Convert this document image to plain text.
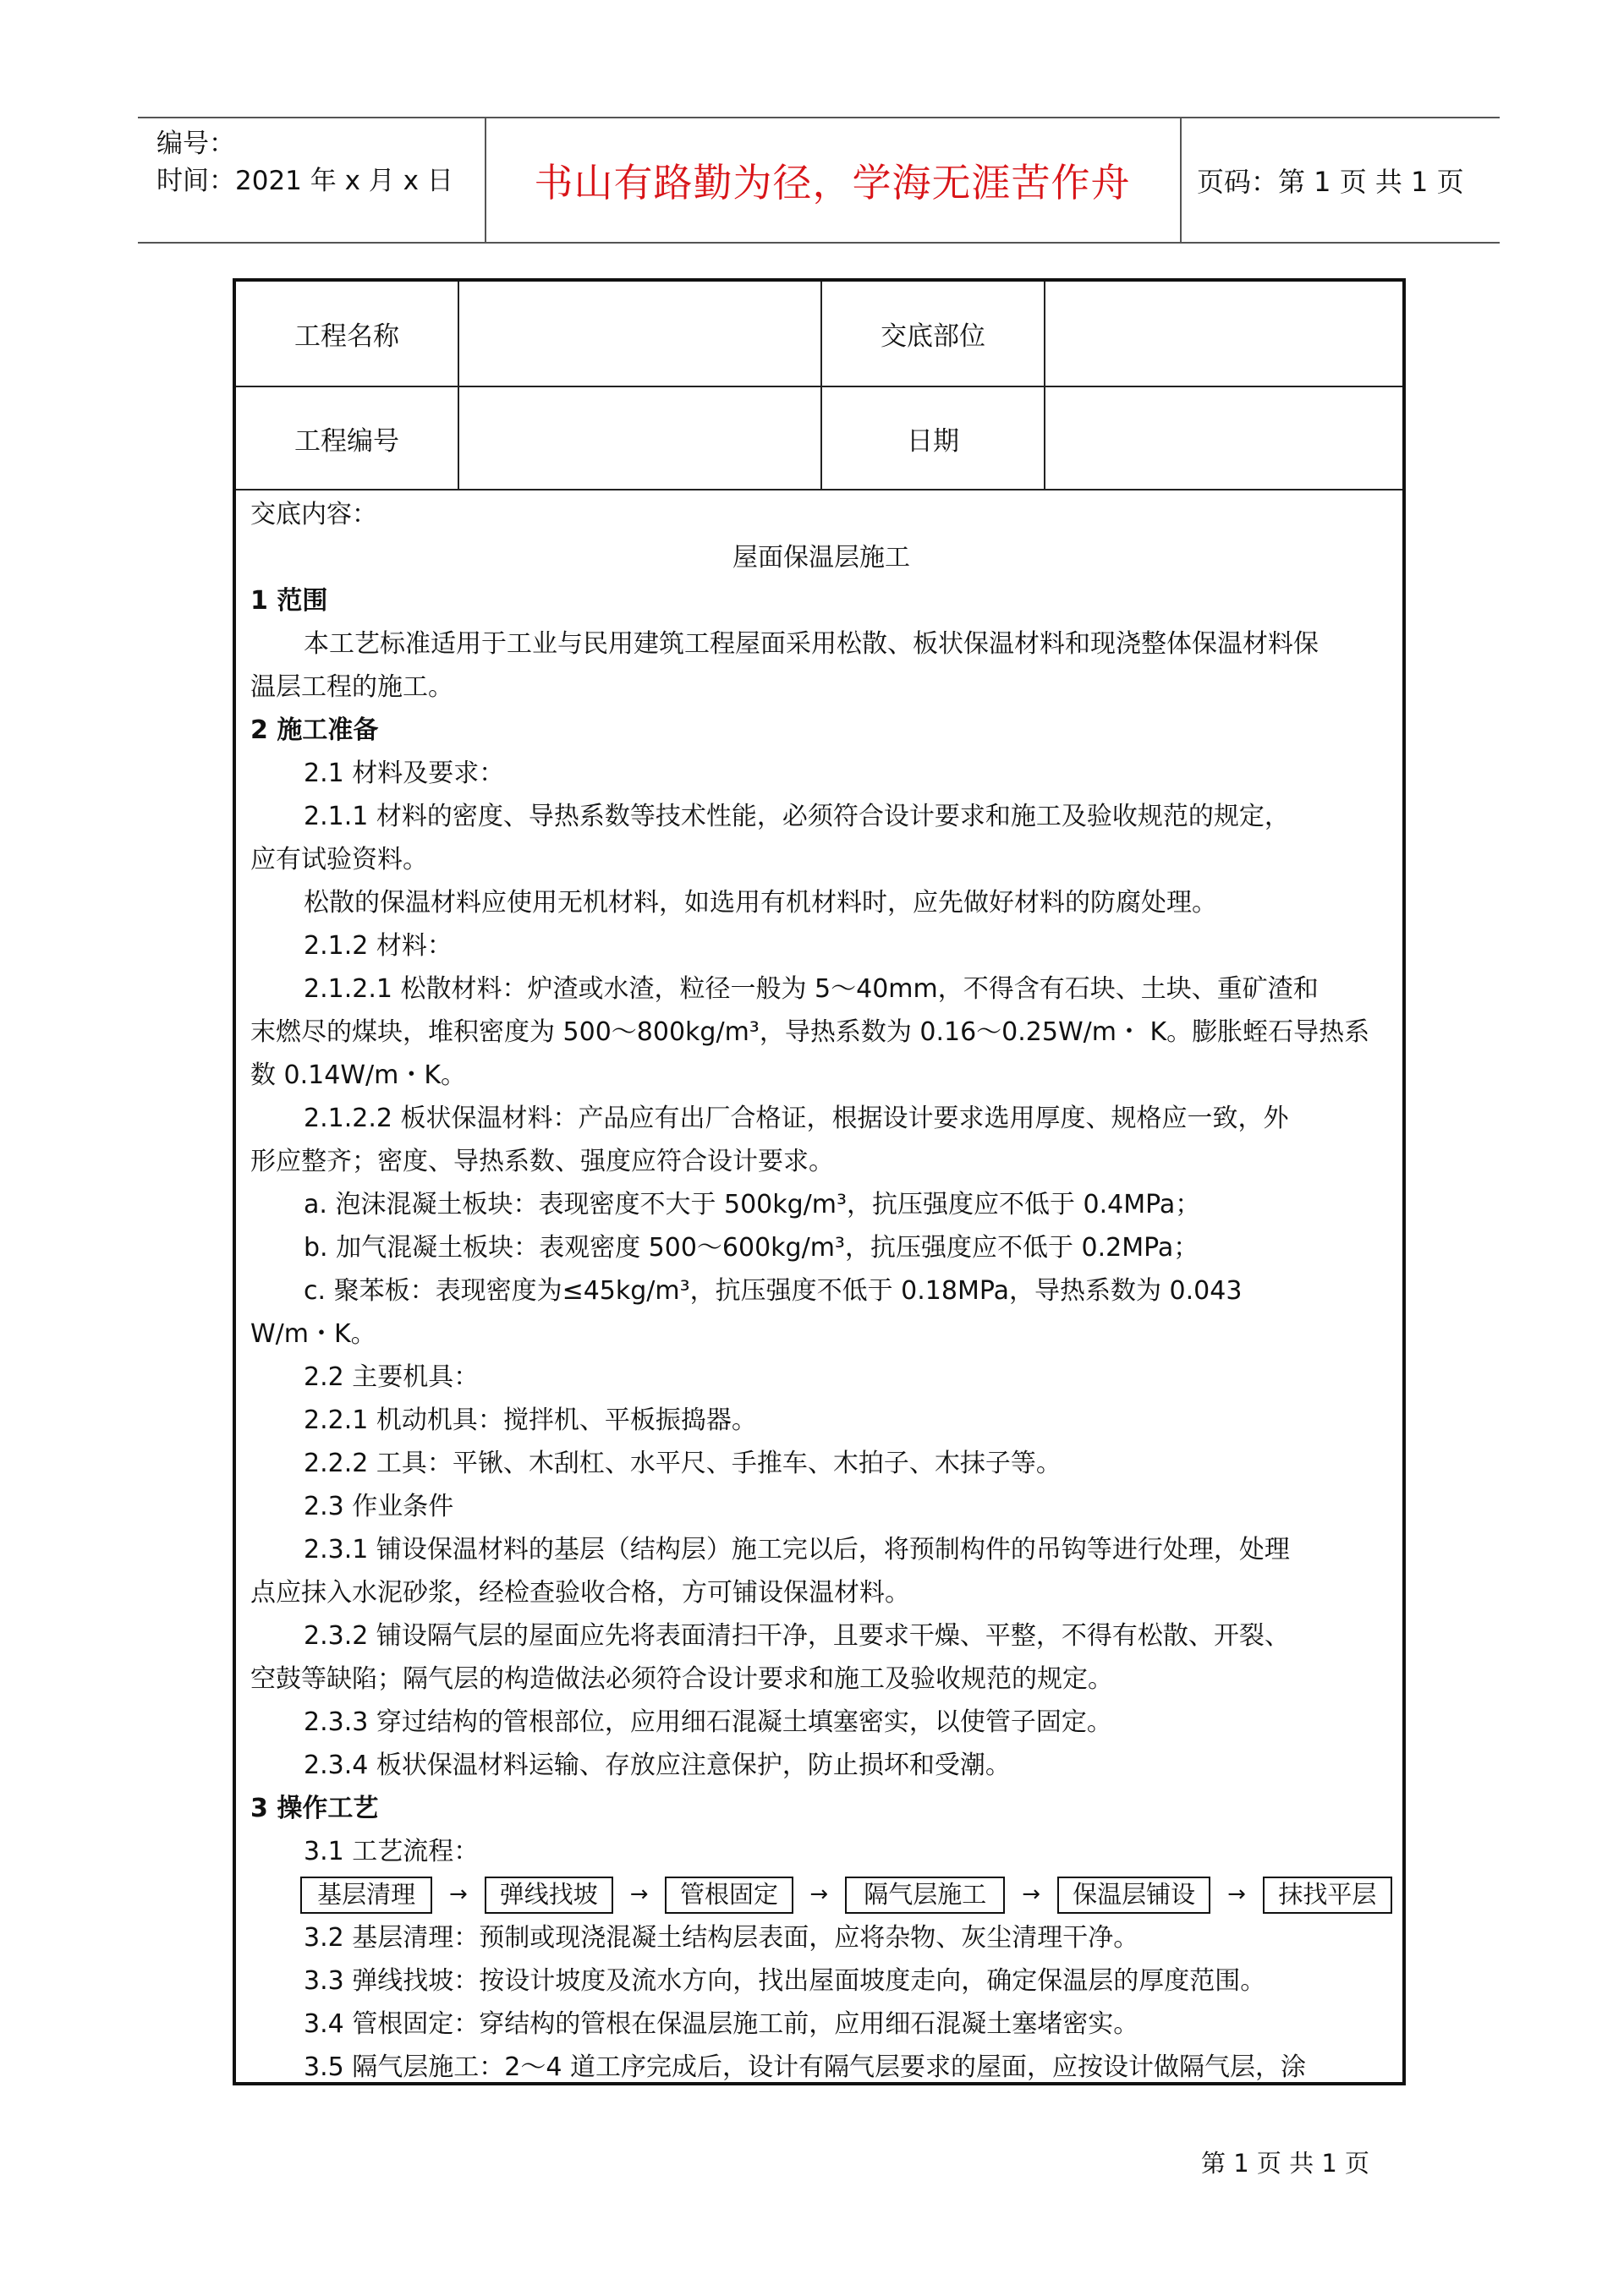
编号：
时间：2021 年 x 月 x 日 书山有路勤为径，学海无涯苦作舟 页码：第 1 页 共 1 页
工程名称	交底部位
工程编号	日期

交底内容：

屋面保温层施工

1 范围

本工艺标准适用于工业与民用建筑工程屋面采用松散、板状保温材料和现浇整体保温材料保

温层工程的施工。

2 施工准备

2.1 材料及要求：

2.1.1 材料的密度、导热系数等技术性能，必须符合设计要求和施工及验收规范的规定，

应有试验资料。

松散的保温材料应使用无机材料，如选用有机材料时，应先做好材料的防腐处理。

2.1.2 材料：

2.1.2.1 松散材料：炉渣或水渣，粒径一般为 5～40mm，不得含有石块、土块、重矿渣和

末燃尽的煤块，堆积密度为 500～800kg/m³，导热系数为 0.16～0.25W/m・ K。膨胀蛭石导热系

数 0.14W/m・K。

2.1.2.2 板状保温材料：产品应有出厂合格证，根据设计要求选用厚度、规格应一致，外

形应整齐；密度、导热系数、强度应符合设计要求。

a. 泡沫混凝土板块：表现密度不大于 500kg/m³，抗压强度应不低于 0.4MPa；

b. 加气混凝土板块：表观密度 500～600kg/m³，抗压强度应不低于 0.2MPa；

c. 聚苯板：表现密度为≤45kg/m³，抗压强度不低于 0.18MPa，导热系数为 0.043

W/m・K。

2.2 主要机具：

2.2.1 机动机具：搅拌机、平板振捣器。

2.2.2 工具：平锹、木刮杠、水平尺、手推车、木拍子、木抹子等。

2.3 作业条件

2.3.1 铺设保温材料的基层（结构层）施工完以后，将预制构件的吊钩等进行处理，处理

点应抹入水泥砂浆，经检查验收合格，方可铺设保温材料。

2.3.2 铺设隔气层的屋面应先将表面清扫干净，且要求干燥、平整，不得有松散、开裂、

空鼓等缺陷；隔气层的构造做法必须符合设计要求和施工及验收规范的规定。

2.3.3 穿过结构的管根部位，应用细石混凝土填塞密实，以使管子固定。

2.3.4 板状保温材料运输、存放应注意保护，防止损坏和受潮。

3 操作工艺

3.1 工艺流程：

基层清理	→	弹线找坡	→	管根固定	→	隔气层施工	→	保温层铺设	→	抹找平层

3.2 基层清理：预制或现浇混凝土结构层表面，应将杂物、灰尘清理干净。

3.3 弹线找坡：按设计坡度及流水方向，找出屋面坡度走向，确定保温层的厚度范围。

3.4 管根固定：穿结构的管根在保温层施工前，应用细石混凝土塞堵密实。

3.5 隔气层施工：2～4 道工序完成后，设计有隔气层要求的屋面，应按设计做隔气层，涂

第 1 页 共 1 页
